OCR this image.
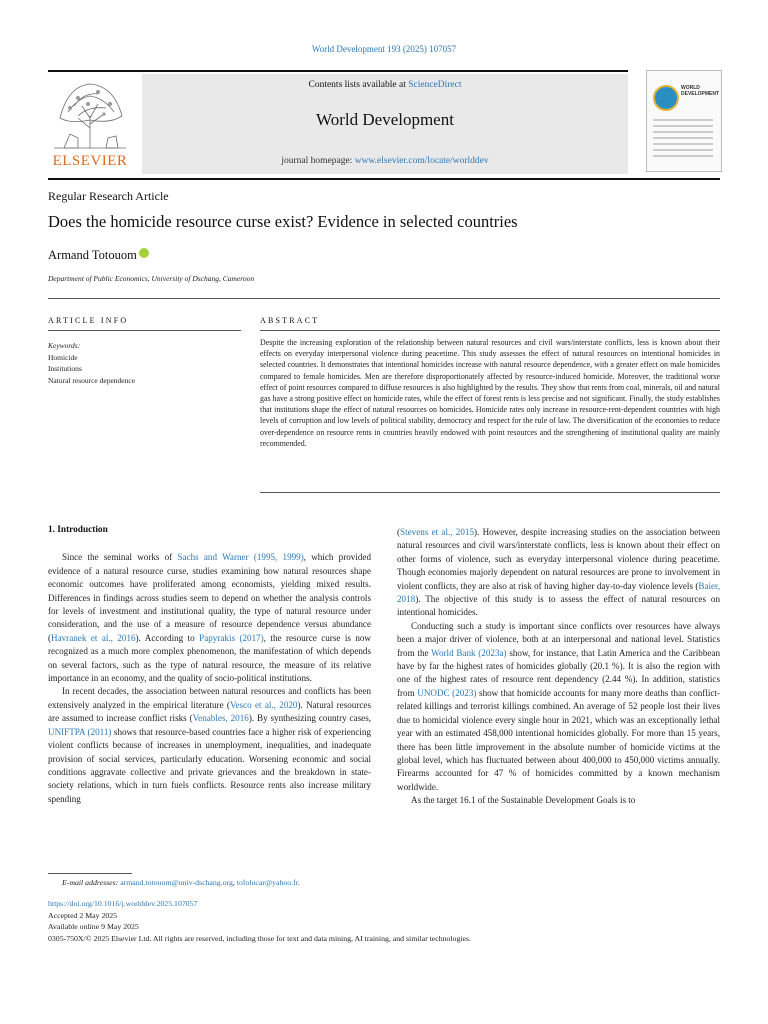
World Development 193 (2025) 107057
ELSEVIER
Contents lists available at ScienceDirect
World Development
journal homepage: www.elsevier.com/locate/worlddev
WORLD DEVELOPMENT
Regular Research Article
Does the homicide resource curse exist? Evidence in selected countries
Armand Totouom
Department of Public Economics, University of Dschang, Cameroon
ARTICLE INFO
Keywords:
Homicide
Institutions
Natural resource dependence
ABSTRACT
Despite the increasing exploration of the relationship between natural resources and civil wars/interstate conflicts, less is known about their effects on everyday interpersonal violence during peacetime. This study assesses the effect of natural resources on intentional homicides in selected countries. It demonstrates that intentional homicides increase with natural resource dependence, with a greater effect on male homicides compared to female homicides. Men are therefore disproportionately affected by resource-induced homicide. Moreover, the traditional worse effect of point resources compared to diffuse resources is also highlighted by the results. They show that rents from coal, minerals, oil and natural gas have a strong positive effect on homicide rates, while the effect of forest rents is less precise and not significant. Finally, the study establishes that institutions shape the effect of natural resources on homicides. Homicide rates only increase in resource-rent-dependent countries with high levels of corruption and low levels of political stability, democracy and respect for the rule of law. The diversification of the economies to reduce over-dependence on resource rents in countries heavily endowed with point resources and the strengthening of institutional quality are mainly recommended.
1. Introduction

Since the seminal works of Sachs and Warner (1995, 1999), which provided evidence of a natural resource curse, studies examining how natural resources shape economic outcomes have proliferated among economists, yielding mixed results. Differences in findings across studies seem to depend on whether the analysis controls for levels of investment and institutional quality, the type of natural resource under consideration, and the use of a measure of resource dependence versus abundance (Havranek et al., 2016). According to Papyrakis (2017), the resource curse is now recognized as a much more complex phenomenon, the manifestation of which depends on several factors, such as the type of natural resource, the measure of its relative importance in an economy, and the quality of socio-political institutions.

In recent decades, the association between natural resources and conflicts has been extensively analyzed in the empirical literature (Vesco et al., 2020). Natural resources are assumed to increase conflict risks (Venables, 2016). By synthesizing country cases, UNIFTPA (2011) shows that resource-based countries face a higher risk of experiencing violent conflicts because of increases in unemployment, inequalities, and inadequate provision of social services, particularly education. Worsening economic and social conditions aggravate collective and private grievances and the breakdown in state-society relations, which in turn fuels conflicts. Resource rents also increase military spending

(Stevens et al., 2015). However, despite increasing studies on the association between natural resources and civil wars/interstate conflicts, less is known about their effect on other forms of violence, such as everyday interpersonal violence during peacetime. Though economies majorly dependent on natural resources are prone to involvement in violent conflicts, they are also at risk of having higher day-to-day violence levels (Baier, 2018). The objective of this study is to assess the effect of natural resources on intentional homicides.

Conducting such a study is important since conflicts over resources have always been a major driver of violence, both at an interpersonal and national level. Statistics from the World Bank (2023a) show, for instance, that Latin America and the Caribbean have by far the highest rates of homicides globally (20.1 %). It is also the region with one of the highest rates of resource rent dependency (2.44 %). In addition, statistics from UNODC (2023) show that homicide accounts for many more deaths than conflict-related killings and terrorist killings combined. An average of 52 people lost their lives due to homicidal violence every single hour in 2021, which was an exceptionally lethal year with an estimated 458,000 intentional homicides globally. For more than 15 years, there has been little improvement in the absolute number of homicide victims at the global level, which has fluctuated between about 400,000 to 450,000 victims annually. Firearms accounted for 47 % of homicides committed by a known mechanism worldwide.

As the target 16.1 of the Sustainable Development Goals is to

E-mail addresses: armand.totouom@univ-dschang.org, tofolucar@yahoo.fr.
https://doi.org/10.1016/j.worlddev.2025.107057
Accepted 2 May 2025
Available online 9 May 2025
0305-750X/© 2025 Elsevier Ltd. All rights are reserved, including those for text and data mining, AI training, and similar technologies.
